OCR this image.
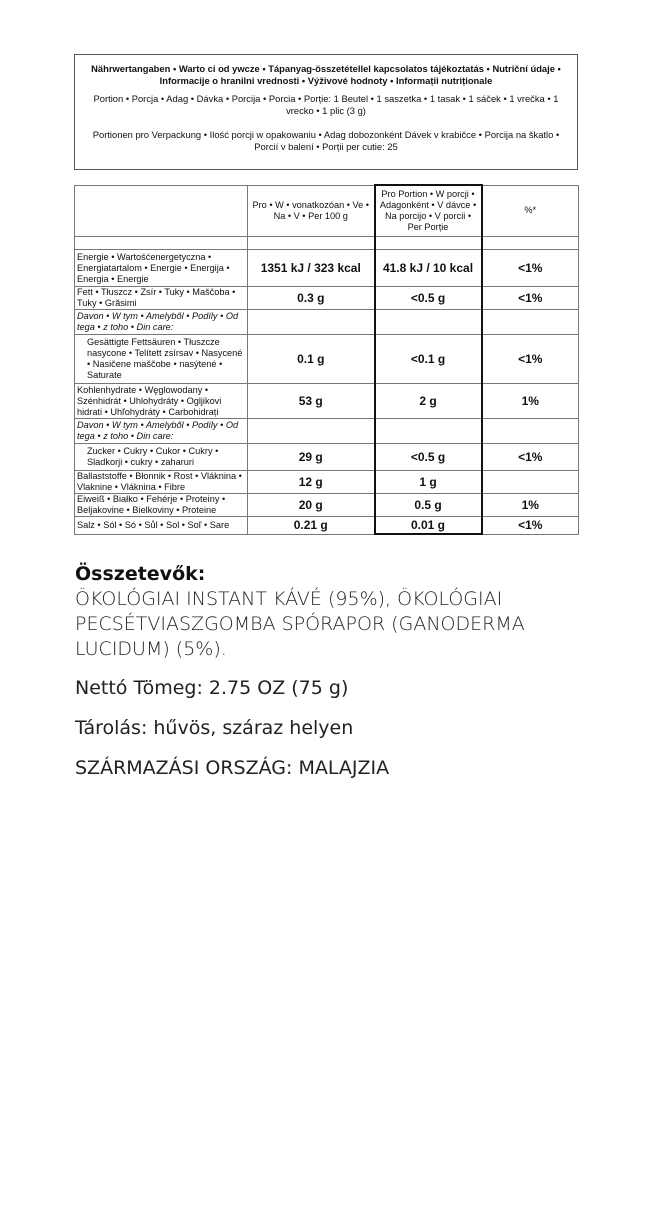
Nährwertangaben • Warto ci od ywcze • Tápanyag-összetétellel kapcsolatos tájékoztatás • Nutriční údaje • Informacije o hranilni vrednosti • Výživové hodnoty • Informații nutriționale
Portion • Porcja • Adag • Dávka • Porcija • Porcia • Porție: 1 Beutel • 1 saszetka • 1 tasak • 1 sáček • 1 vrečka • 1 vrecko • 1 plic (3 g)
Portionen pro Verpackung • Ilość porcji w opakowaniu • Adag dobozonként Dávek v krabičce • Porcija na škatlo • Porcií v balení • Porții per cutie: 25
	Pro • W • vonatkozóan • Ve • Na • V • Per 100 g	Pro Portion • W porcji • Adagonként • V dávce • Na porcijo • V porcii • Per Porție	%*

Energie • Wartośćenergetyczna • Energiatartalom • Energie • Energija • Energia • Energie	1351 kJ / 323 kcal	41.8 kJ / 10 kcal	<1%
Fett • Tłuszcz • Zsír • Tuky • Maščoba • Tuky • Grăsimi	0.3 g	<0.5 g	<1%
Davon • W tym • Amelyből • Podíly • Od tega • z toho • Din care:			
Gesättigte Fettsäuren • Tłuszcze nasycone • Telített zsírsav • Nasycené • Nasičene maščobe • nasýtené • Saturate	0.1 g	<0.1 g	<1%
Kohlenhydrate • Węglowodany • Szénhidrát • Uhlohydráty • Ogljikovi hidrati • Uhľohydráty • Carbohidrați	53 g	2 g	1%
Davon • W tym • Amelyből • Podíly • Od tega • z toho • Din care:			
Zucker • Cukry • Cukor • Cukry • Sladkorji • cukry • zaharuri	29 g	<0.5 g	<1%
Ballaststoffe • Błonnik • Rost • Vláknina • Vlaknine • Vláknina • Fibre	12 g	1 g	
Eiweiß • Białko • Fehérje • Proteiny • Beljakovine • Bielkoviny • Proteine	20 g	0.5 g	1%
Salz • Sól • Só • Sůl • Sol • Soľ • Sare	0.21 g	0.01 g	<1%
Összetevők:
ÖKOLÓGIAI INSTANT KÁVÉ (95%), ÖKOLÓGIAI PECSÉTVIASZGOMBA SPÓRAPOR (GANODERMA LUCIDUM) (5%).
Nettó Tömeg: 2.75 OZ (75 g)
Tárolás: hűvös, száraz helyen
SZÁRMAZÁSI ORSZÁG: MALAJZIA
